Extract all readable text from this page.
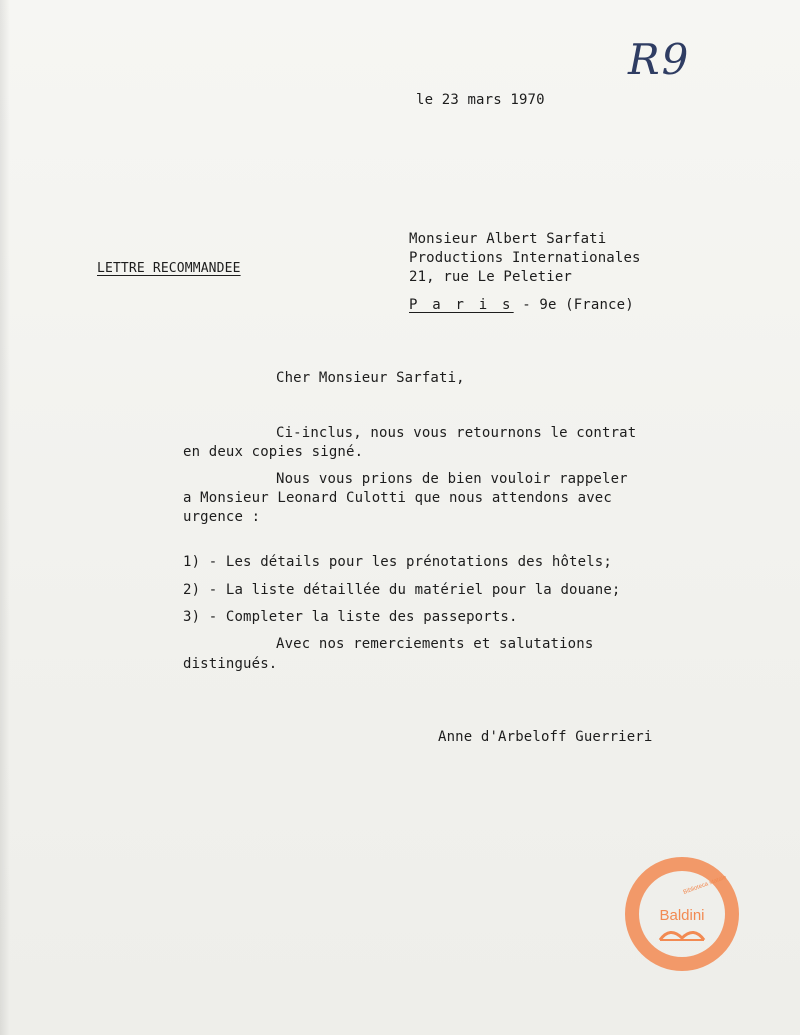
R9
le 23 mars 1970
LETTRE RECOMMANDEE
Monsieur Albert Sarfati
Productions Internationales
21, rue Le Peletier
P a r i s - 9e (France)
Cher Monsieur Sarfati,
Ci-inclus, nous vous retournons le contrat
en deux copies signé.
Nous vous prions de bien vouloir rappeler
a Monsieur Leonard Culotti que nous attendons avec
urgence :
1) - Les détails pour les prénotations des hôtels;
2) - La liste détaillée du matériel pour la douane;
3) - Completer la liste des passeports.
Avec nos remerciements et salutations
distingués.
Anne d'Arbeloff Guerrieri
Biblioteca statale
Baldini
